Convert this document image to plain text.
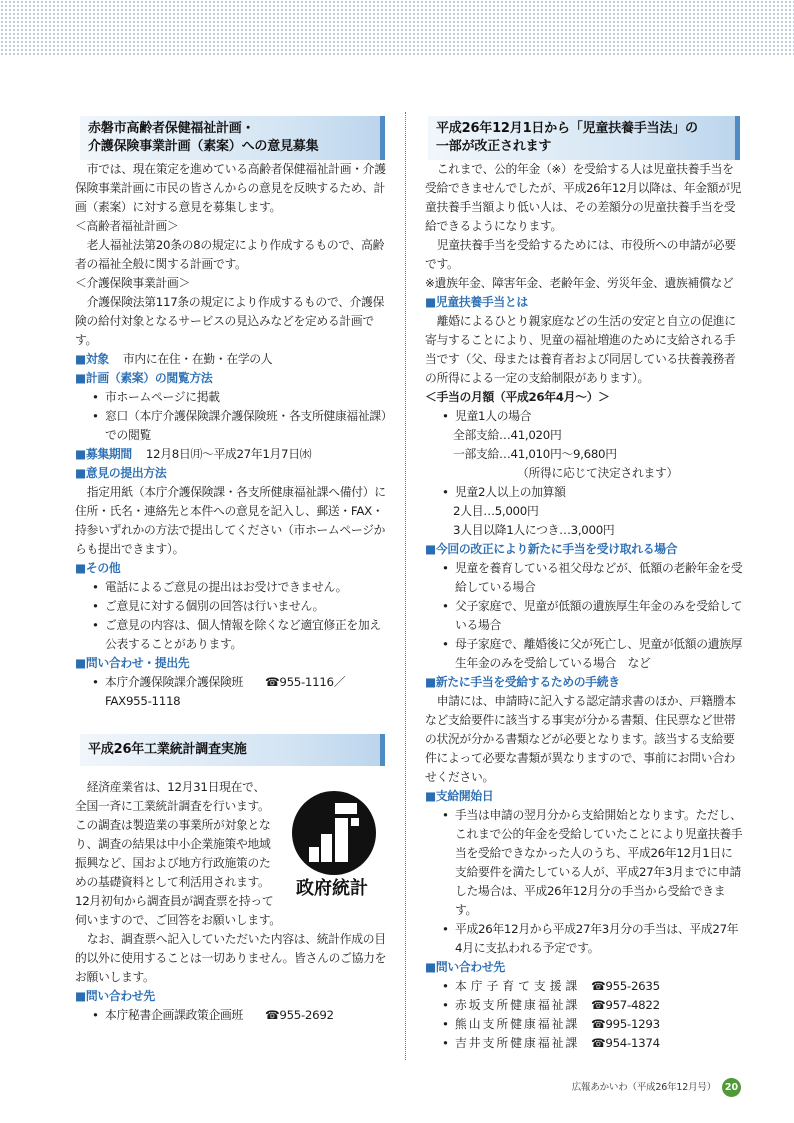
赤磐市高齢者保健福祉計画・
介護保険事業計画（素案）への意見募集

市では、現在策定を進めている高齢者保健福祉計画・介護保険事業計画に市民の皆さんからの意見を反映するため、計画（素案）に対する意見を募集します。

＜高齢者福祉計画＞

老人福祉法第20条の8の規定により作成するもので、高齢者の福祉全般に関する計画です。

＜介護保険事業計画＞

介護保険法第117条の規定により作成するもので、介護保険の給付対象となるサービスの見込みなどを定める計画です。

■対象 市内に在住・在勤・在学の人
■計画（素案）の閲覧方法
• 市ホームページに掲載
• 窓口（本庁介護保険課介護保険班・各支所健康福祉課）での閲覧
■募集期間 12月8日㈪～平成27年1月7日㈬
■意見の提出方法

指定用紙（本庁介護保険課・各支所健康福祉課へ備付）に住所・氏名・連絡先と本件への意見を記入し、郵送・FAX・持参いずれかの方法で提出してください（市ホームページからも提出できます）。

■その他
• 電話によるご意見の提出はお受けできません。
• ご意見に対する個別の回答は行いません。
• ご意見の内容は、個人情報を除くなど適宜修正を加え公表することがあります。
■問い合わせ・提出先
• 本庁介護保険課介護保険班 ☎955-1116／FAX955-1118
平成26年工業統計調査実施
政府統計

経済産業省は、12月31日現在で、全国一斉に工業統計調査を行います。この調査は製造業の事業所が対象となり、調査の結果は中小企業施策や地域振興など、国および地方行政施策のための基礎資料として利活用されます。12月初旬から調査員が調査票を持って伺いますので、ご回答をお願いします。

なお、調査票へ記入していただいた内容は、統計作成の目的以外に使用することは一切ありません。皆さんのご協力をお願いします。

■問い合わせ先
• 本庁秘書企画課政策企画班 ☎955-2692
平成26年12月1日から「児童扶養手当法」の
一部が改正されます

これまで、公的年金（※）を受給する人は児童扶養手当を受給できませんでしたが、平成26年12月以降は、年金額が児童扶養手当額より低い人は、その差額分の児童扶養手当を受給できるようになります。

児童扶養手当を受給するためには、市役所への申請が必要です。

※遺族年金、障害年金、老齢年金、労災年金、遺族補償など

■児童扶養手当とは

離婚によるひとり親家庭などの生活の安定と自立の促進に寄与することにより、児童の福祉増進のために支給される手当です（父、母または養育者および同居している扶養義務者の所得による一定の支給制限があります）。

＜手当の月額（平成26年4月～）＞

• 児童1人の場合
全部支給…41,020円
一部支給…41,010円～9,680円
（所得に応じて決定されます）
• 児童2人以上の加算額
2人目…5,000円
3人目以降1人につき…3,000円
■今回の改正により新たに手当を受け取れる場合
• 児童を養育している祖父母などが、低額の老齢年金を受給している場合
• 父子家庭で、児童が低額の遺族厚生年金のみを受給している場合
• 母子家庭で、離婚後に父が死亡し、児童が低額の遺族厚生年金のみを受給している場合　など
■新たに手当を受給するための手続き

申請には、申請時に記入する認定請求書のほか、戸籍謄本など支給要件に該当する事実が分かる書類、住民票など世帯の状況が分かる書類などが必要となります。該当する支給要件によって必要な書類が異なりますので、事前にお問い合わせください。

■支給開始日
• 手当は申請の翌月分から支給開始となります。ただし、これまで公的年金を受給していたことにより児童扶養手当を受給できなかった人のうち、平成26年12月1日に支給要件を満たしている人が、平成27年3月までに申請した場合は、平成26年12月分の手当から受給できます。
• 平成26年12月から平成27年3月分の手当は、平成27年4月に支払われる予定です。
■問い合わせ先
• 本庁子育て支援課 ☎955-2635
• 赤坂支所健康福祉課 ☎957-4822
• 熊山支所健康福祉課 ☎995-1293
• 吉井支所健康福祉課 ☎954-1374
広報あかいわ（平成26年12月号） 20
